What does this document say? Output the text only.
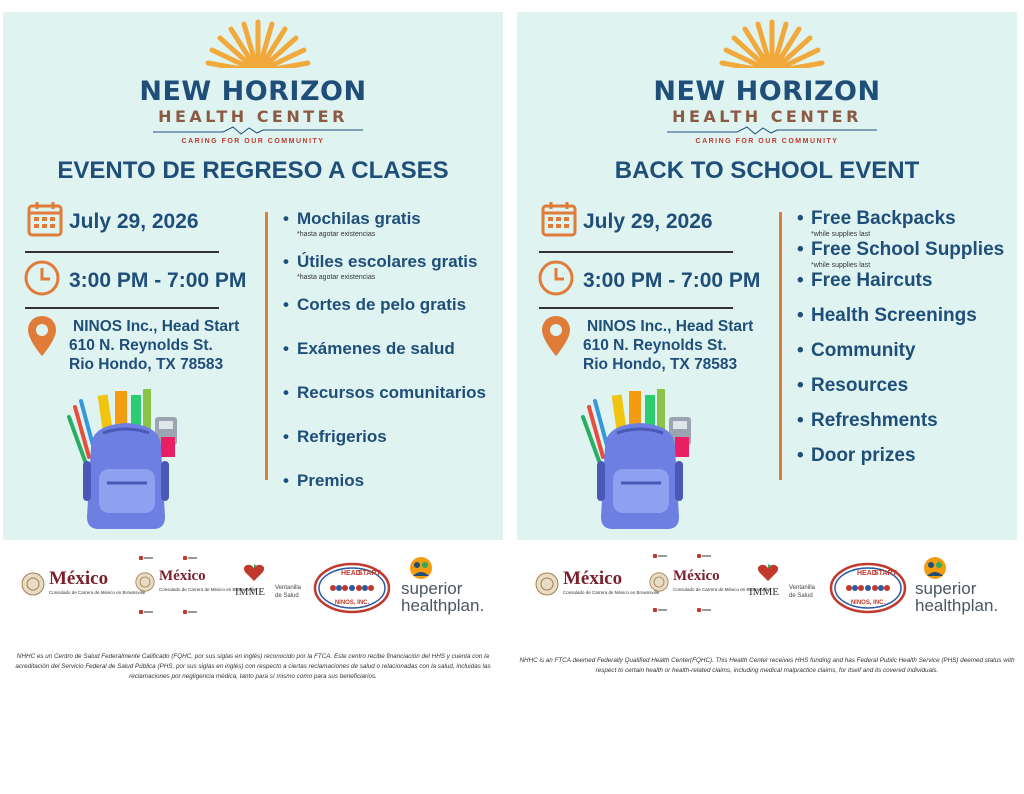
NEW HORIZON
HEALTH CENTER
CARING FOR OUR COMMUNITY
EVENTO DE REGRESO A CLASES
July 29, 2026
3:00 PM - 7:00 PM
NINOS Inc., Head Start
610 N. Reynolds St.
Rio Hondo, TX 78583
• Mochilas gratis
*hasta agotar existencias
• Útiles escolares gratis
*hasta agotar existencias
• Cortes de pelo gratis
• Exámenes de salud
• Recursos comunitarios
• Refrigerios
• Premios
México
Consulado de Carrera de México en Brownsville
México
Consulado de Carrera de México en Brownsville
IMME Ventanilla
de Salud
HEAD
START
NINOS, INC.
superior
healthplan.
NHHC es un Centro de Salud Federalmente Calificado (FQHC, por sus siglas en inglés) reconocido por la FTCA. Este centro recibe financiación del HHS y cuenta con la acreditación del Servicio Federal de Salud Pública (PHS, por sus siglas en inglés) con respecto a ciertas reclamaciones de salud o relacionadas con la salud, incluidas las reclamaciones por negligencia médica, tanto para sí mismo como para sus beneficiarios.
NEW HORIZON
HEALTH CENTER
CARING FOR OUR COMMUNITY
BACK TO SCHOOL EVENT
July 29, 2026
3:00 PM - 7:00 PM
NINOS Inc., Head Start
610 N. Reynolds St.
Rio Hondo, TX 78583
• Free Backpacks
*while supplies last
• Free School Supplies
*while supplies last
• Free Haircuts
• Health Screenings
• Community
• Resources
• Refreshments
• Door prizes
México
Consulado de Carrera de México en Brownsville
México
Consulado de Carrera de México en Brownsville
IMME Ventanilla
de Salud
HEAD
START
NINOS, INC.
superior
healthplan.
NHHC is an FTCA deemed Federally Qualified Health Center(FQHC). This Health Center receives HHS funding and has Federal Public Health Service (PHS) deemed status with respect to certain health or health-related claims, including medical malpractice claims, for itself and its covered individuals.
